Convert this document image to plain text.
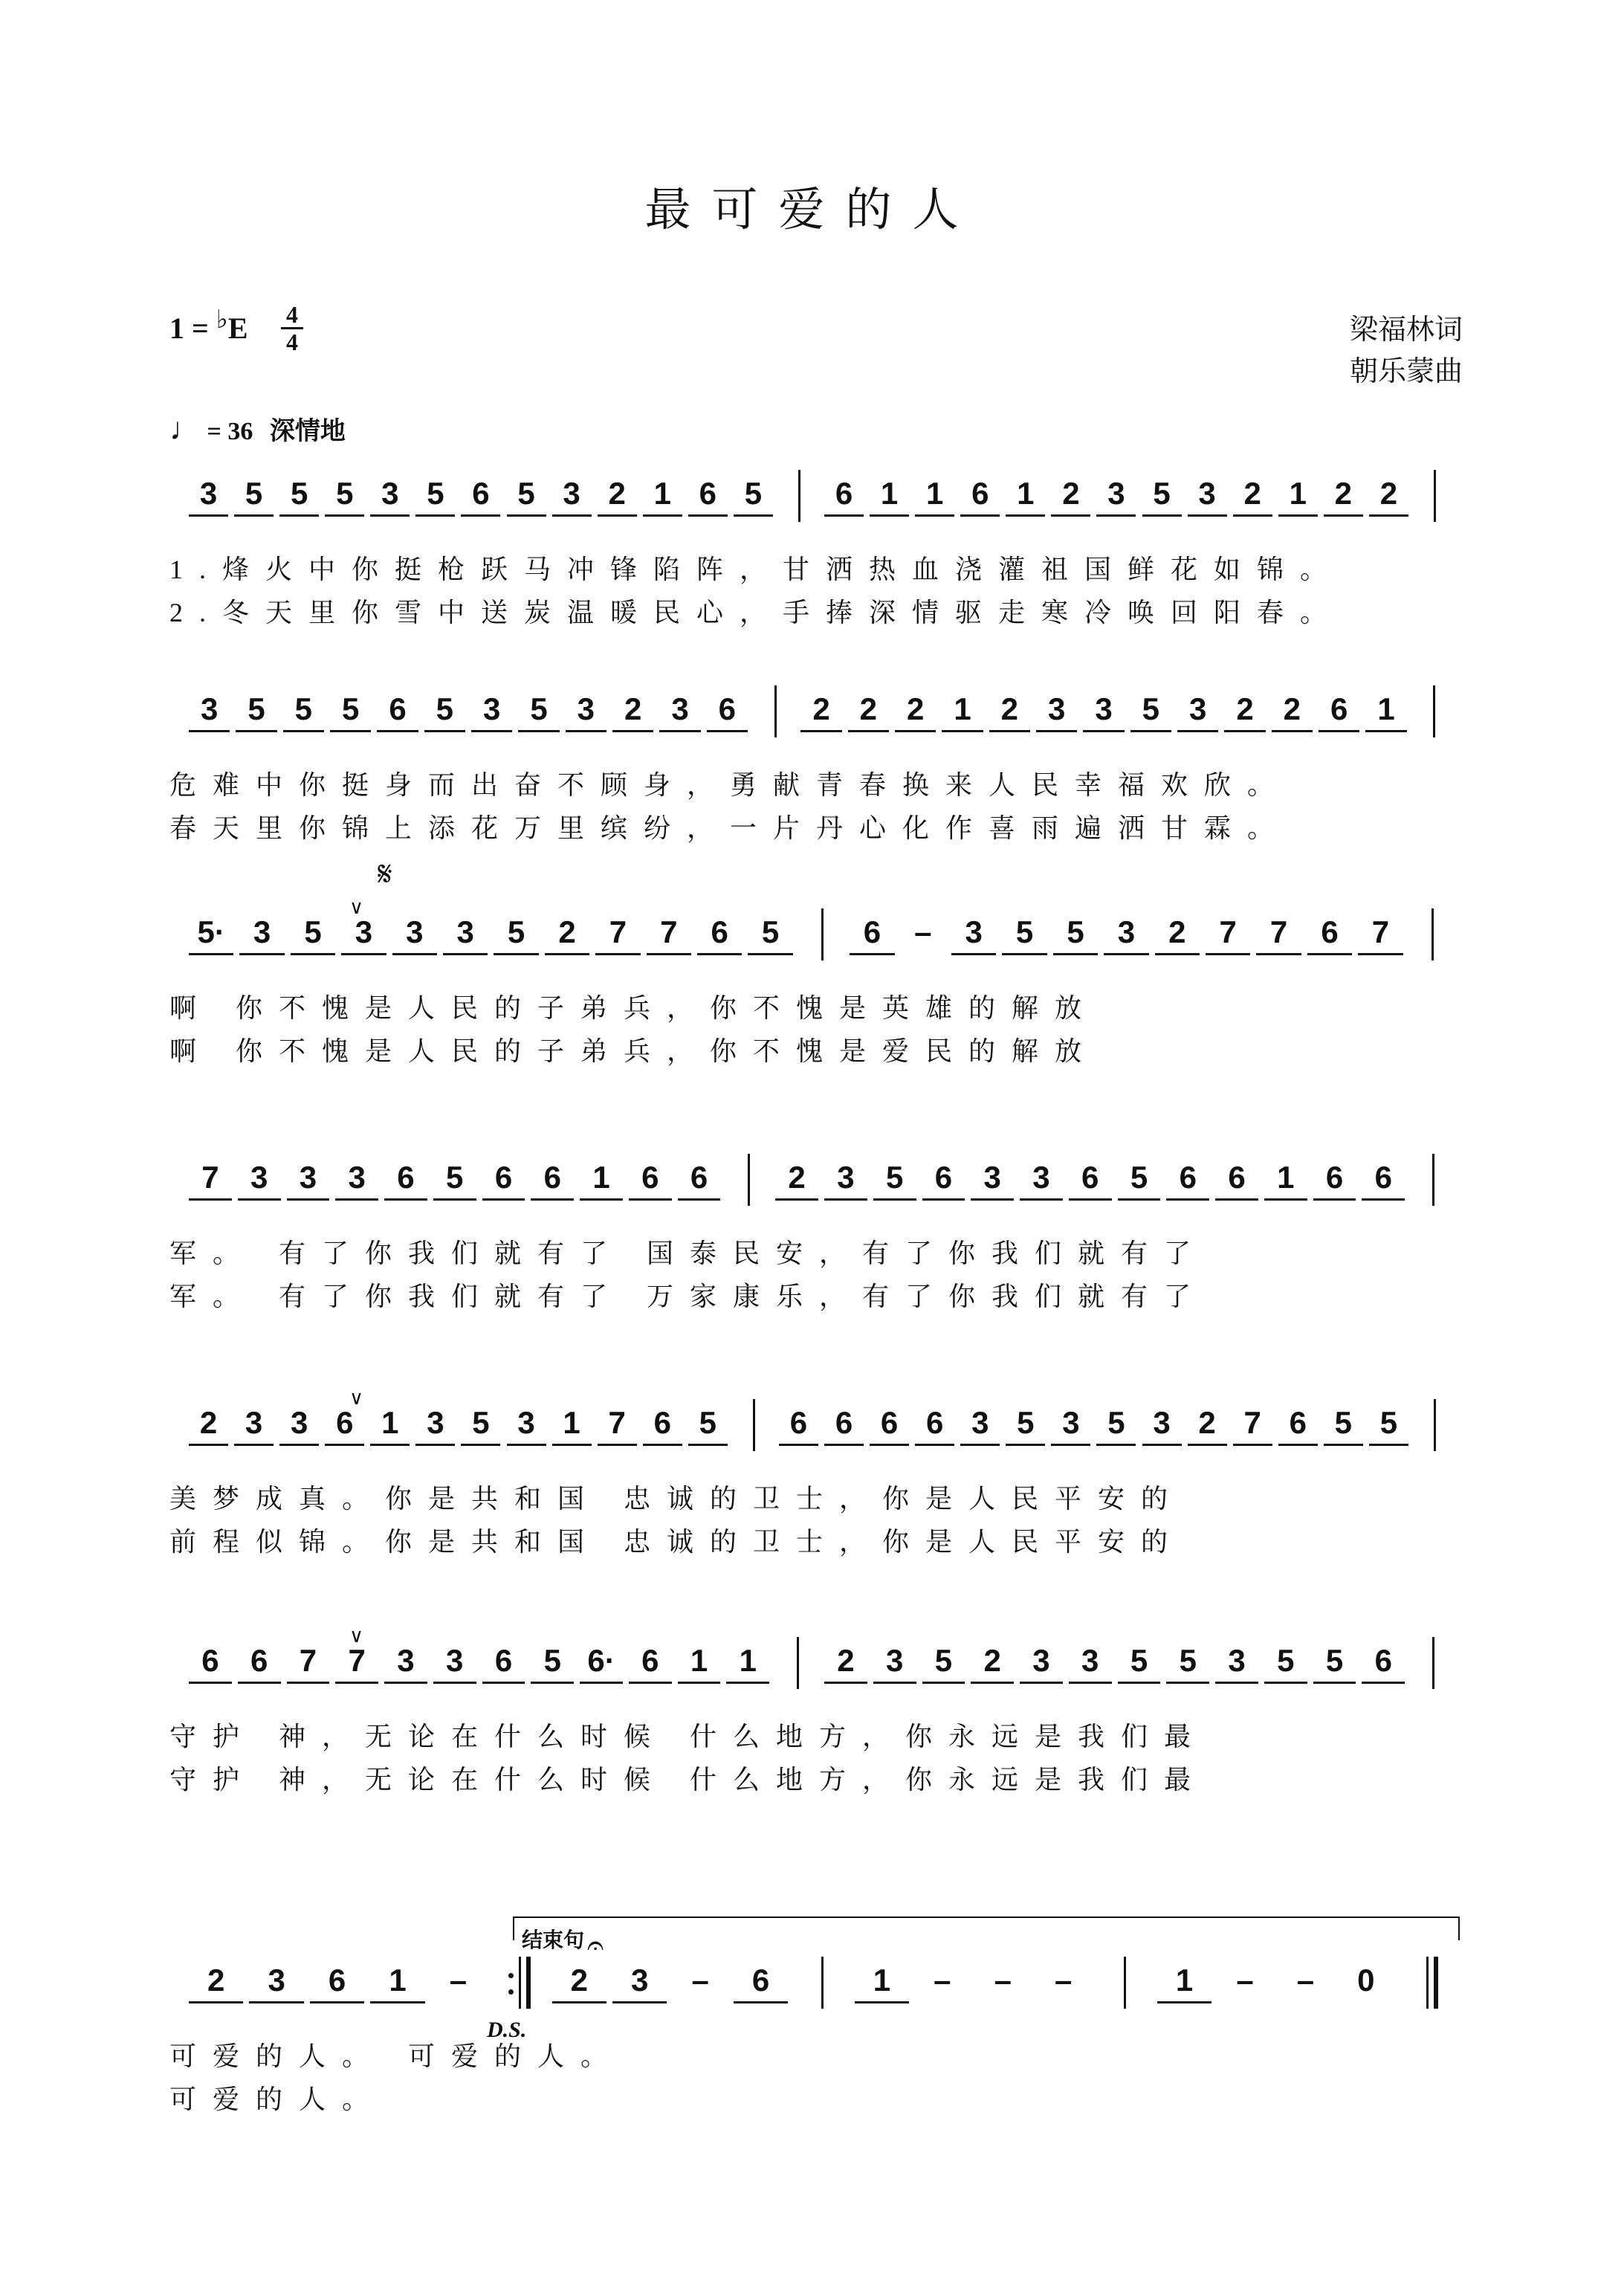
最可爱的人
1 = ♭E 4
4	梁福林词
朝乐蒙曲
♩ = 36 深情地
3 5 5 5 3 5 6 5 3 2 1 6 5 6 1 1 6 1 2 3 5 3 2 1 2 2
1.烽火中你挺枪跃马冲锋陷阵，甘洒热血浇灌祖国鲜花如锦。
2.冬天里你雪中送炭温暖民心，手捧深情驱走寒冷唤回阳春。
3 5 5 5 6 5 3 5 3 2 3 6 2 2 2 1 2 3 3 5 3 2 2 6 1
危难中你挺身而出奋不顾身，勇献青春换来人民幸福欢欣。
春天里你锦上添花万里缤纷，一片丹心化作喜雨遍洒甘霖。
5· 3 5 3 3 3 5 2 7 7 6 5	6 – 3 5 5 3 2 7 7 6 7
啊 你不愧是人民的子弟兵，你不愧是英雄的解放
啊 你不愧是人民的子弟兵，你不愧是爱民的解放
𝄋
∨
7 3 3 3 6 5 6 6 1 6 6	2 3 5 6 3 3 6 5 6 6 1 6 6
军。 有了你我们就有了 国泰民安，有了你我们就有了
军。 有了你我们就有了 万家康乐，有了你我们就有了
2 3 3 6 1 3 5 3 1 7 6 5 6 6 6 6 3 5 3 5 3 2 7 6 5 5
美梦成真。你是共和国 忠诚的卫士，你是人民平安的
前程似锦。你是共和国 忠诚的卫士，你是人民平安的
∨
6 6 7 7 3 3 6 5 6· 6 1 1	2 3 5 2 3 3 5 5 3 5 5 6
守护 神，无论在什么时候 什么地方，你永远是我们最
守护 神，无论在什么时候 什么地方，你永远是我们最
∨
2 3 6 1 –	2 3 – 6	1 – – –	1 – – 0
可爱的人。 可爱的人。
可爱的人。
结束句
D.S.
𝄐
